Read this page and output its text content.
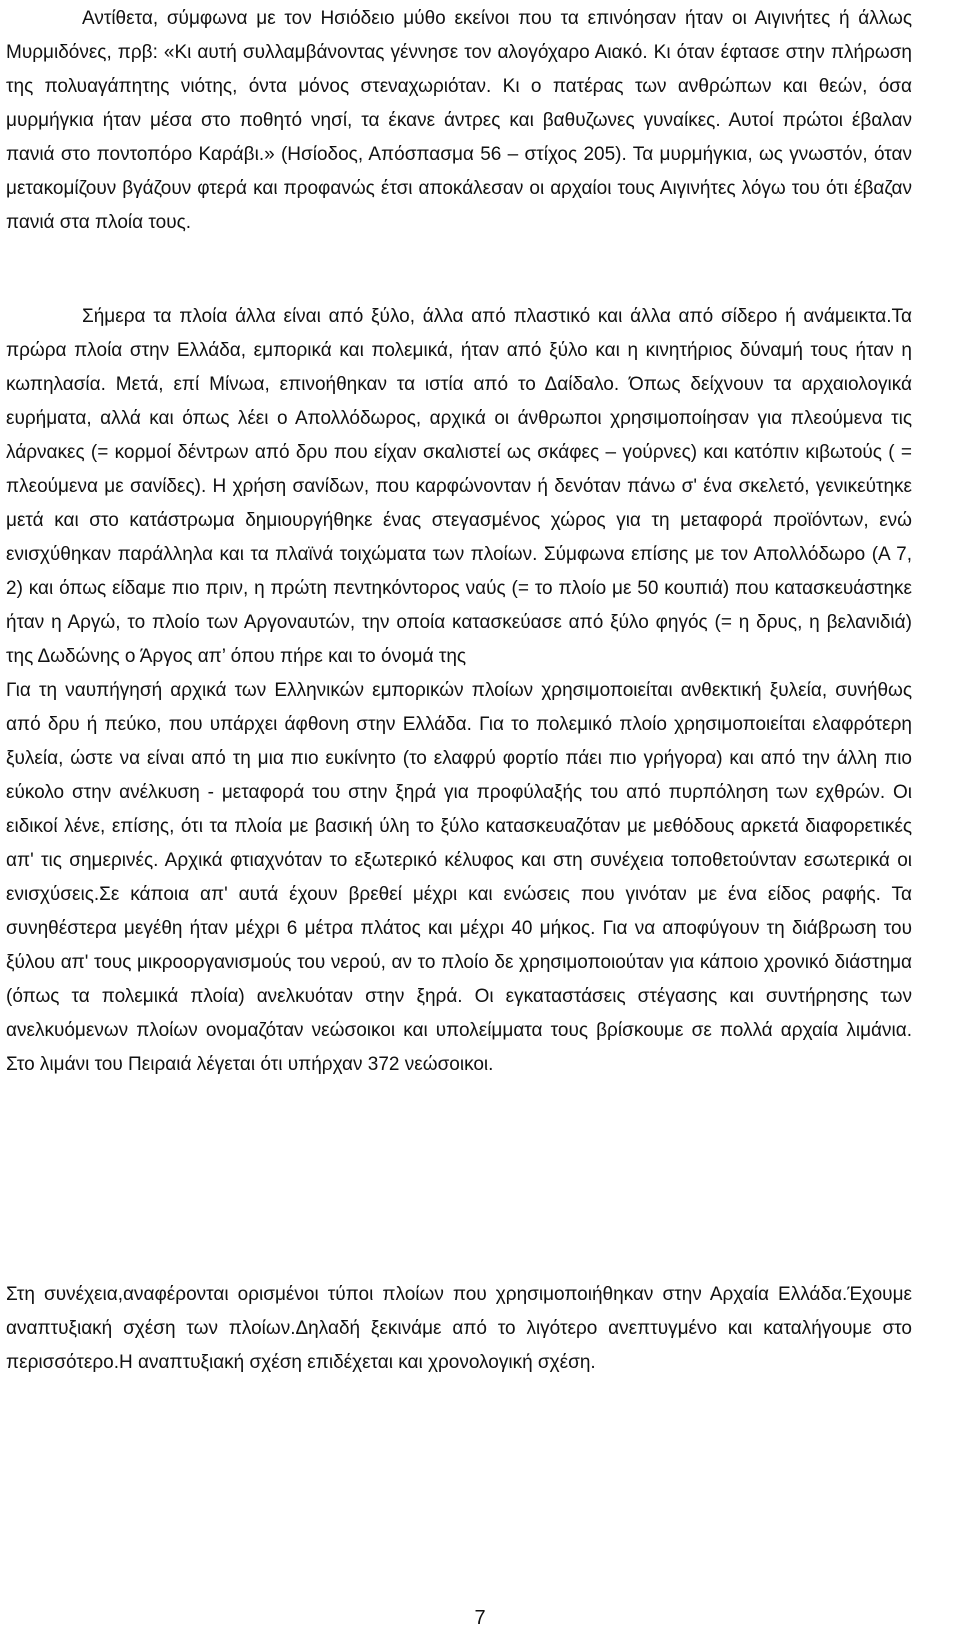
Αντίθετα, σύμφωνα με τον Ησιόδειο μύθο εκείνοι που τα επινόησαν ήταν οι Αιγινήτες ή άλλως Μυρμιδόνες, πρβ: «Κι αυτή συλλαμβάνοντας γέννησε τον αλογόχαρο Αιακό. Κι όταν έφτασε στην πλήρωση της πολυαγάπητης νιότης, όντα μόνος στεναχωριόταν. Κι ο πατέρας των ανθρώπων και θεών, όσα μυρμήγκια ήταν μέσα στο ποθητό νησί, τα έκανε άντρες και βαθυζωνες γυναίκες. Αυτοί πρώτοι έβαλαν πανιά στο ποντοπόρο Καράβι.» (Ησίοδος, Απόσπασμα 56 – στίχος 205). Τα μυρμήγκια, ως γνωστόν, όταν μετακομίζουν βγάζουν φτερά και προφανώς έτσι αποκάλεσαν οι αρχαίοι τους Αιγινήτες λόγω του ότι έβαζαν πανιά στα πλοία τους.

Σήμερα τα πλοία άλλα είναι από ξύλο, άλλα από πλαστικό και άλλα από σίδερο ή ανάμεικτα.Τα πρώρα πλοία στην Ελλάδα, εμπορικά και πολεμικά, ήταν από ξύλο και η κινητήριος δύναμή τους ήταν η κωπηλασία. Μετά, επί Μίνωα, επινοήθηκαν τα ιστία από το Δαίδαλο. Όπως δείχνουν τα αρχαιολογικά ευρήματα, αλλά και όπως λέει ο Απολλόδωρος, αρχικά οι άνθρωποι χρησιμοποίησαν για πλεούμενα τις λάρνακες (= κορμοί δέντρων από δρυ που είχαν σκαλιστεί ως σκάφες – γούρνες) και κατόπιν κιβωτούς ( = πλεούμενα με σανίδες). Η χρήση σανίδων, που καρφώνονταν ή δενόταν πάνω σ' ένα σκελετό, γενικεύτηκε μετά και στο κατάστρωμα δημιουργήθηκε ένας στεγασμένος χώρος για τη μεταφορά προϊόντων, ενώ ενισχύθηκαν παράλληλα και τα πλαϊνά τοιχώματα των πλοίων. Σύμφωνα επίσης με τον Απολλόδωρο (Α 7, 2) και όπως είδαμε πιο πριν, η πρώτη πεντηκόντορος ναύς (= το πλοίο με 50 κουπιά) που κατασκευάστηκε ήταν η Αργώ, το πλοίο των Αργοναυτών, την οποία κατασκεύασε από ξύλο φηγός (= η δρυς, η βελανιδιά) της Δωδώνης ο Άργος απ’ όπου πήρε και το όνομά της

Για τη ναυπήγησή αρχικά των Ελληνικών εμπορικών πλοίων χρησιμοποιείται ανθεκτική ξυλεία, συνήθως από δρυ ή πεύκο, που υπάρχει άφθονη στην Ελλάδα. Για το πολεμικό πλοίο χρησιμοποιείται ελαφρότερη ξυλεία, ώστε να είναι από τη μια πιο ευκίνητο (το ελαφρύ φορτίο πάει πιο γρήγορα) και από την άλλη πιο εύκολο στην ανέλκυση - μεταφορά του στην ξηρά για προφύλαξής του από πυρπόληση των εχθρών. Οι ειδικοί λένε, επίσης, ότι τα πλοία με βασική ύλη το ξύλο κατασκευαζόταν με μεθόδους αρκετά διαφορετικές απ' τις σημερινές. Αρχικά φτιαχνόταν το εξωτερικό κέλυφος και στη συνέχεια τοποθετούνταν εσωτερικά οι ενισχύσεις.Σε κάποια απ' αυτά έχουν βρεθεί μέχρι και ενώσεις που γινόταν με ένα είδος ραφής. Τα συνηθέστερα μεγέθη ήταν μέχρι 6 μέτρα πλάτος και μέχρι 40 μήκος. Για να αποφύγουν τη διάβρωση του ξύλου απ' τους μικροοργανισμούς του νερού, αν το πλοίο δε χρησιμοποιούταν για κάποιο χρονικό διάστημα (όπως τα πολεμικά πλοία) ανελκυόταν στην ξηρά. Οι εγκαταστάσεις στέγασης και συντήρησης των ανελκυόμενων πλοίων ονομαζόταν νεώσοικοι και υπολείμματα τους βρίσκουμε σε πολλά αρχαία λιμάνια. Στο λιμάνι του Πειραιά λέγεται ότι υπήρχαν 372 νεώσοικοι.

Στη συνέχεια,αναφέρονται ορισμένοι τύποι πλοίων που χρησιμοποιήθηκαν στην Αρχαία Ελλάδα.Έχουμε αναπτυξιακή σχέση των πλοίων.Δηλαδή ξεκινάμε από το λιγότερο ανεπτυγμένο και καταλήγουμε στο περισσότερο.Η αναπτυξιακή σχέση επιδέχεται και χρονολογική σχέση.

7
